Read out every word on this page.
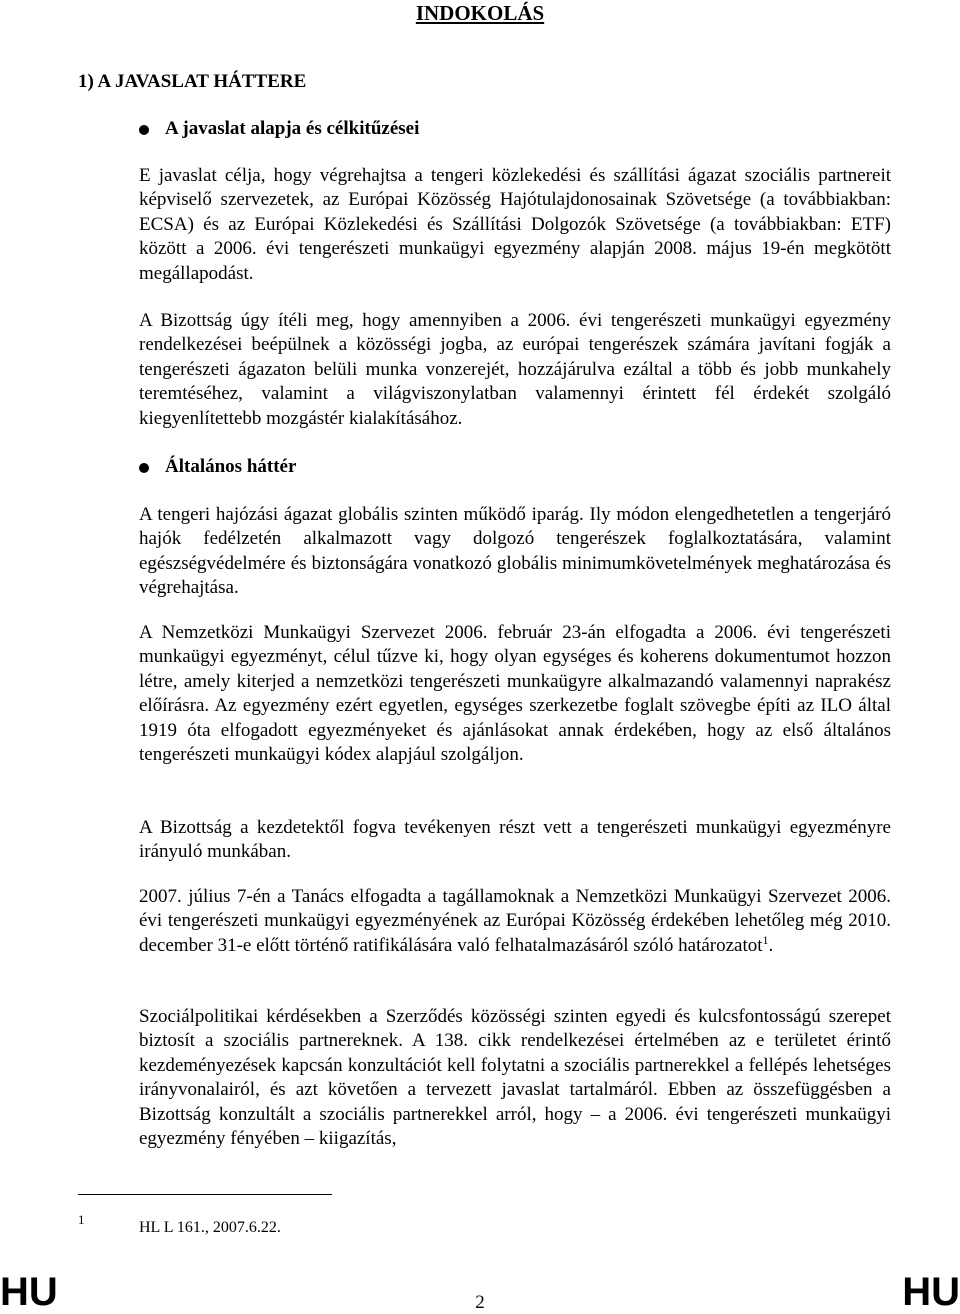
INDOKOLÁS
1) A JAVASLAT HÁTTERE
A javaslat alapja és célkitűzései

E javaslat célja, hogy végrehajtsa a tengeri közlekedési és szállítási ágazat szociális partnereit képviselő szervezetek, az Európai Közösség Hajótulajdonosainak Szövetsége (a továbbiakban: ECSA) és az Európai Közlekedési és Szállítási Dolgozók Szövetsége (a továbbiakban: ETF) között a 2006. évi tengerészeti munkaügyi egyezmény alapján 2008. május 19-én megkötött megállapodást.

A Bizottság úgy ítéli meg, hogy amennyiben a 2006. évi tengerészeti munkaügyi egyezmény rendelkezései beépülnek a közösségi jogba, az európai tengerészek számára javítani fogják a tengerészeti ágazaton belüli munka vonzerejét, hozzájárulva ezáltal a több és jobb munkahely teremtéséhez, valamint a világviszonylatban valamennyi érintett fél érdekét szolgáló kiegyenlítettebb mozgástér kialakításához.

Általános háttér

A tengeri hajózási ágazat globális szinten működő iparág. Ily módon elengedhetetlen a tengerjáró hajók fedélzetén alkalmazott vagy dolgozó tengerészek foglalkoztatására, valamint egészségvédelmére és biztonságára vonatkozó globális minimumkövetelmények meghatározása és végrehajtása.

A Nemzetközi Munkaügyi Szervezet 2006. február 23-án elfogadta a 2006. évi tengerészeti munkaügyi egyezményt, célul tűzve ki, hogy olyan egységes és koherens dokumentumot hozzon létre, amely kiterjed a nemzetközi tengerészeti munkaügyre alkalmazandó valamennyi naprakész előírásra. Az egyezmény ezért egyetlen, egységes szerkezetbe foglalt szövegbe építi az ILO által 1919 óta elfogadott egyezményeket és ajánlásokat annak érdekében, hogy az első általános tengerészeti munkaügyi kódex alapjául szolgáljon.

A Bizottság a kezdetektől fogva tevékenyen részt vett a tengerészeti munkaügyi egyezményre irányuló munkában.

2007. július 7-én a Tanács elfogadta a tagállamoknak a Nemzetközi Munkaügyi Szervezet 2006. évi tengerészeti munkaügyi egyezményének az Európai Közösség érdekében lehetőleg még 2010. december 31-e előtt történő ratifikálására való felhatalmazásáról szóló határozatot$^1$.

Szociálpolitikai kérdésekben a Szerződés közösségi szinten egyedi és kulcsfontosságú szerepet biztosít a szociális partnereknek. A 138. cikk rendelkezései értelmében az e területet érintő kezdeményezések kapcsán konzultációt kell folytatni a szociális partnerekkel a fellépés lehetséges irányvonalairól, és azt követően a tervezett javaslat tartalmáról. Ebben az összefüggésben a Bizottság konzultált a szociális partnerekkel arról, hogy – a 2006. évi tengerészeti munkaügyi egyezmény fényében – kiigazítás,

1	HL L 161., 2007.6.22.
HU	2	HU
